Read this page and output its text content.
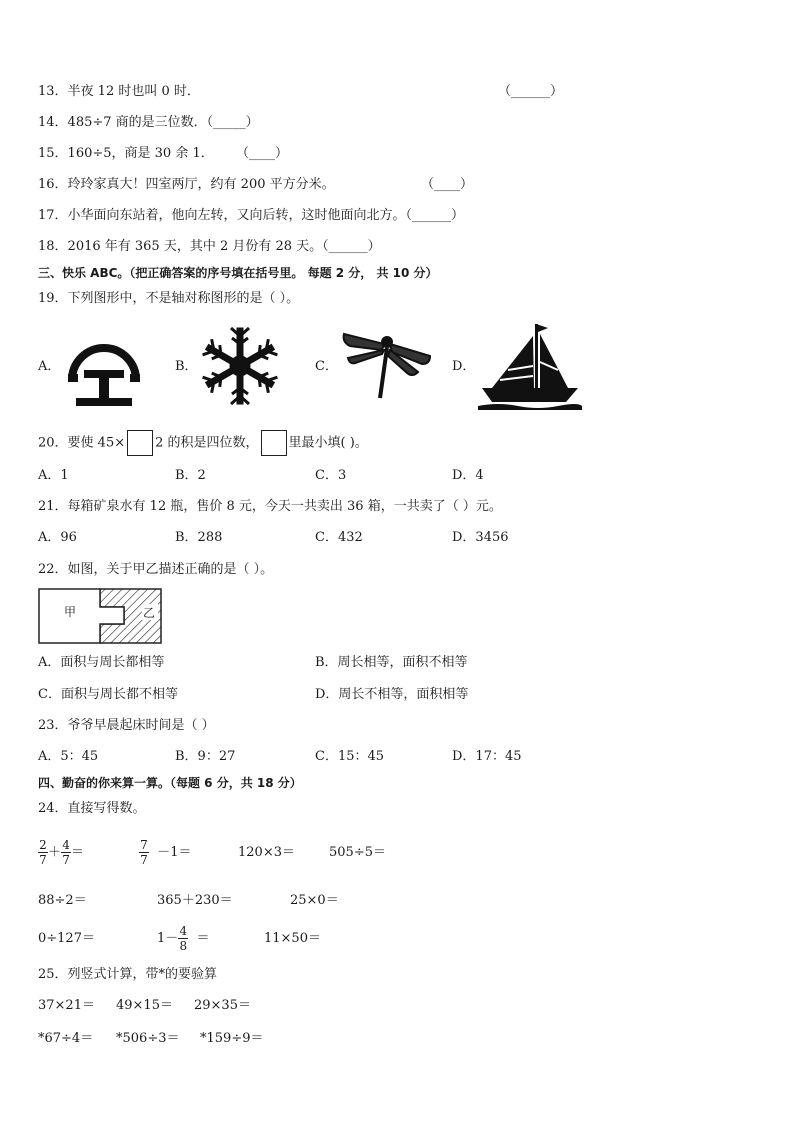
13．半夜 12 时也叫 0 时．	（______）
14．485÷7 商的是三位数．（_____）
15．160÷5，商是 30 余 1． （____）
16．玲玲家真大！四室两厅，约有 200 平方分米。	（____）
17．小华面向东站着，他向左转，又向后转，这时他面向北方。（______）
18．2016 年有 365 天，其中 2 月份有 28 天。（______）
三、快乐 ABC。（把正确答案的序号填在括号里。 每题 2 分， 共 10 分）
19．下列图形中，不是轴对称图形的是（ ）。
A．	B．	C．	D．
20．要使 45× 2 的积是四位数， 里最小填( )。
A．1	B．2	C．3	D．4
21．每箱矿泉水有 12 瓶，售价 8 元，今天一共卖出 36 箱，一共卖了（ ）元。
A．96	B．288	C．432	D．3456
22．如图，关于甲乙描述正确的是（ ）。
甲	乙
A．面积与周长都相等	B．周长相等，面积不相等
C．面积与周长都不相等	D．周长不相等，面积相等
23．爷爷早晨起床时间是（ ）
A．5：45	B．9：27	C．15：45	D．17：45
四、勤奋的你来算一算。（每题 6 分，共 18 分）
24．直接写得数。
$\frac{2}{7} + \frac{4}{7}$ ＝	$\frac{7}{7} -1=$	120×3＝	505÷5＝
88÷2＝	365＋230＝	25×0＝
0÷127＝	$1- \frac{4}{8}$ ＝	11×50＝
25．列竖式计算，带*的要验算
37×21＝ 49×15＝ 29×35＝
*67÷4＝ *506÷3＝ *159÷9＝
